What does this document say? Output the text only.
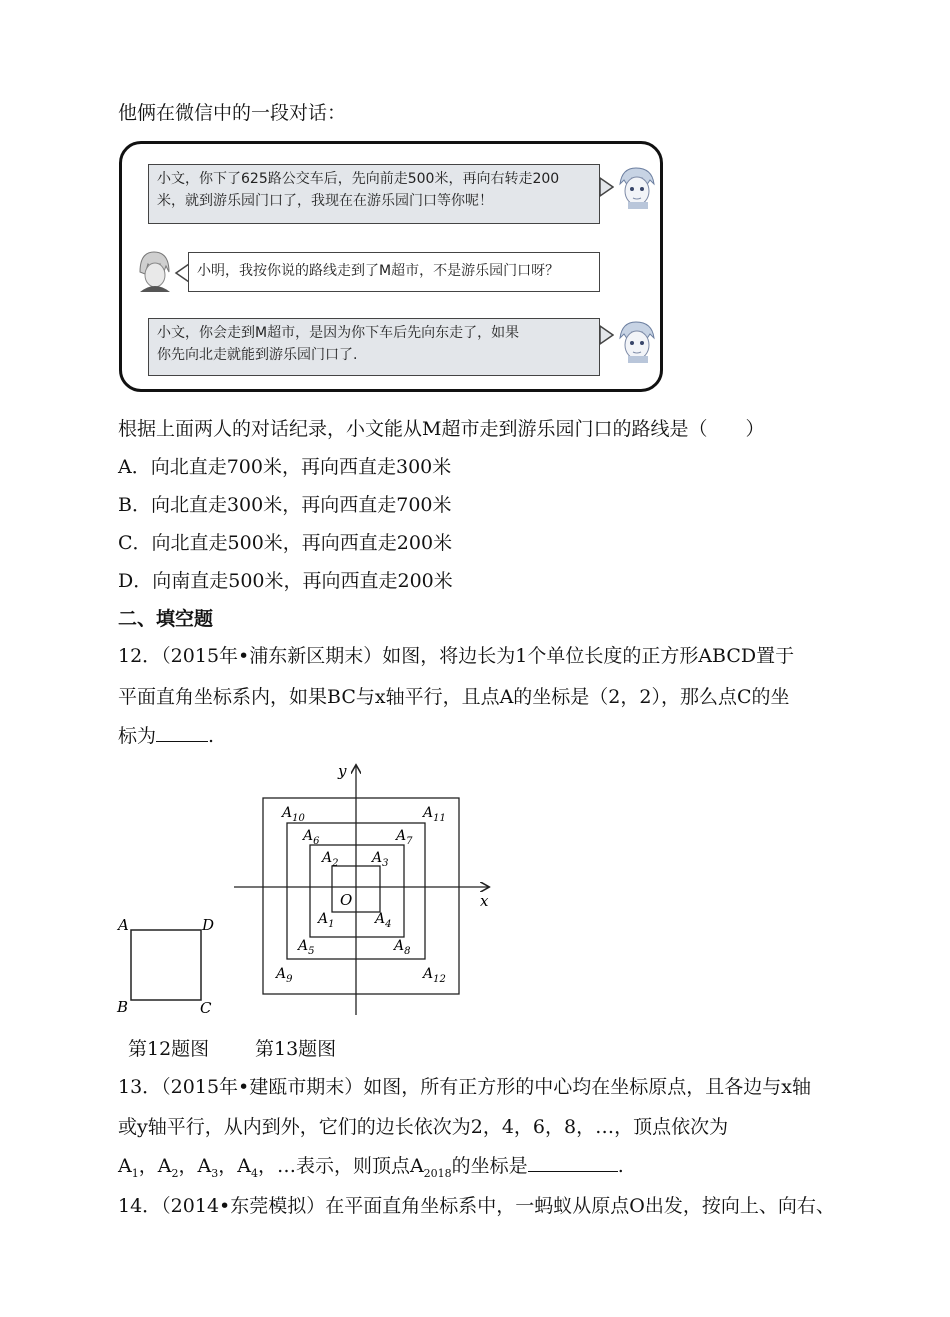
他俩在微信中的一段对话：
小文，你下了625路公交车后，先向前走500米，再向右转走200
米，就到游乐园门口了，我现在在游乐园门口等你呢！
小明，我按你说的路线走到了M超市，不是游乐园门口呀？
小文，你会走到M超市，是因为你下车后先向东走了，如果
你先向北走就能到游乐园门口了.
根据上面两人的对话纪录，小文能从M超市走到游乐园门口的路线是（　　）
A．向北直走700米，再向西直走300米
B．向北直走300米，再向西直走700米
C．向北直走500米，再向西直走200米
D．向南直走500米，再向西直走200米
二、填空题
12．（2015年•浦东新区期末）如图，将边长为1个单位长度的正方形ABCD置于
平面直角坐标系内，如果BC与x轴平行，且点A的坐标是（2，2），那么点C的坐
标为	.
A	D
B	C
x
y
O
$A_1$
$A_2$ $A_3$
$A_4$
$A_5$
$A_6$	$A_7$
$A_8$
$A_9$
$A_{10}$	$A_{11}$
$A_{12}$
第12题图 第13题图
13．（2015年•建瓯市期末）如图，所有正方形的中心均在坐标原点，且各边与x轴
或y轴平行，从内到外，它们的边长依次为2，4，6，8，…，顶点依次为
$A_1$，$A_2$，$A_3$，$A_4$，…表示，则顶点$A_{2018}$的坐标是	.
14．（2014•东莞模拟）在平面直角坐标系中，一蚂蚁从原点O出发，按向上、向右、
